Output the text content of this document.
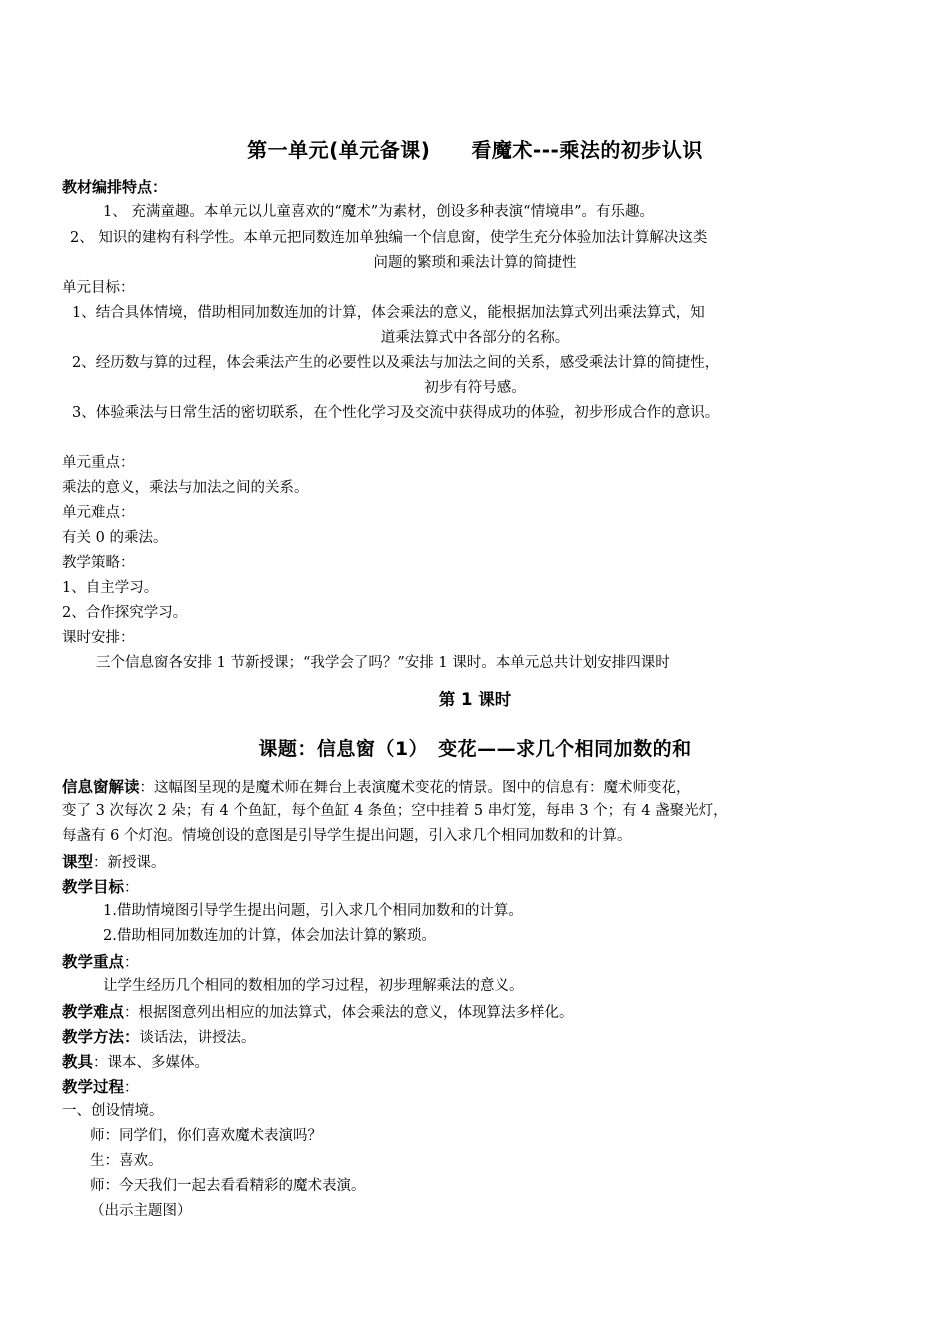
第一单元(单元备课)　　看魔术---乘法的初步认识
教材编排特点：
1、 充满童趣。本单元以儿童喜欢的“魔术”为素材，创设多种表演“情境串”。有乐趣。
2、 知识的建构有科学性。本单元把同数连加单独编一个信息窗，使学生充分体验加法计算解决这类
问题的繁琐和乘法计算的简捷性
单元目标：
1、结合具体情境，借助相同加数连加的计算，体会乘法的意义，能根据加法算式列出乘法算式，知
道乘法算式中各部分的名称。
2、经历数与算的过程，体会乘法产生的必要性以及乘法与加法之间的关系，感受乘法计算的简捷性，
初步有符号感。
3、体验乘法与日常生活的密切联系，在个性化学习及交流中获得成功的体验，初步形成合作的意识。
单元重点：
乘法的意义，乘法与加法之间的关系。
单元难点：
有关 0 的乘法。
教学策略：
1、自主学习。
2、合作探究学习。
课时安排：
三个信息窗各安排 1 节新授课；“我学会了吗？”安排 1 课时。本单元总共计划安排四课时
第 1 课时
课题：信息窗（1）　变花——求几个相同加数的和
信息窗解读：这幅图呈现的是魔术师在舞台上表演魔术变花的情景。图中的信息有：魔术师变花，
变了 3 次每次 2 朵；有 4 个鱼缸，每个鱼缸 4 条鱼；空中挂着 5 串灯笼，每串 3 个；有 4 盏聚光灯，
每盏有 6 个灯泡。情境创设的意图是引导学生提出问题，引入求几个相同加数和的计算。
课型：新授课。
教学目标：
1.借助情境图引导学生提出问题，引入求几个相同加数和的计算。
2.借助相同加数连加的计算，体会加法计算的繁琐。
教学重点：
让学生经历几个相同的数相加的学习过程，初步理解乘法的意义。
教学难点：根据图意列出相应的加法算式，体会乘法的意义，体现算法多样化。
教学方法：谈话法，讲授法。
教具：课本、多媒体。
教学过程：
一、创设情境。
师：同学们，你们喜欢魔术表演吗？
生：喜欢。
师：今天我们一起去看看精彩的魔术表演。
（出示主题图）
